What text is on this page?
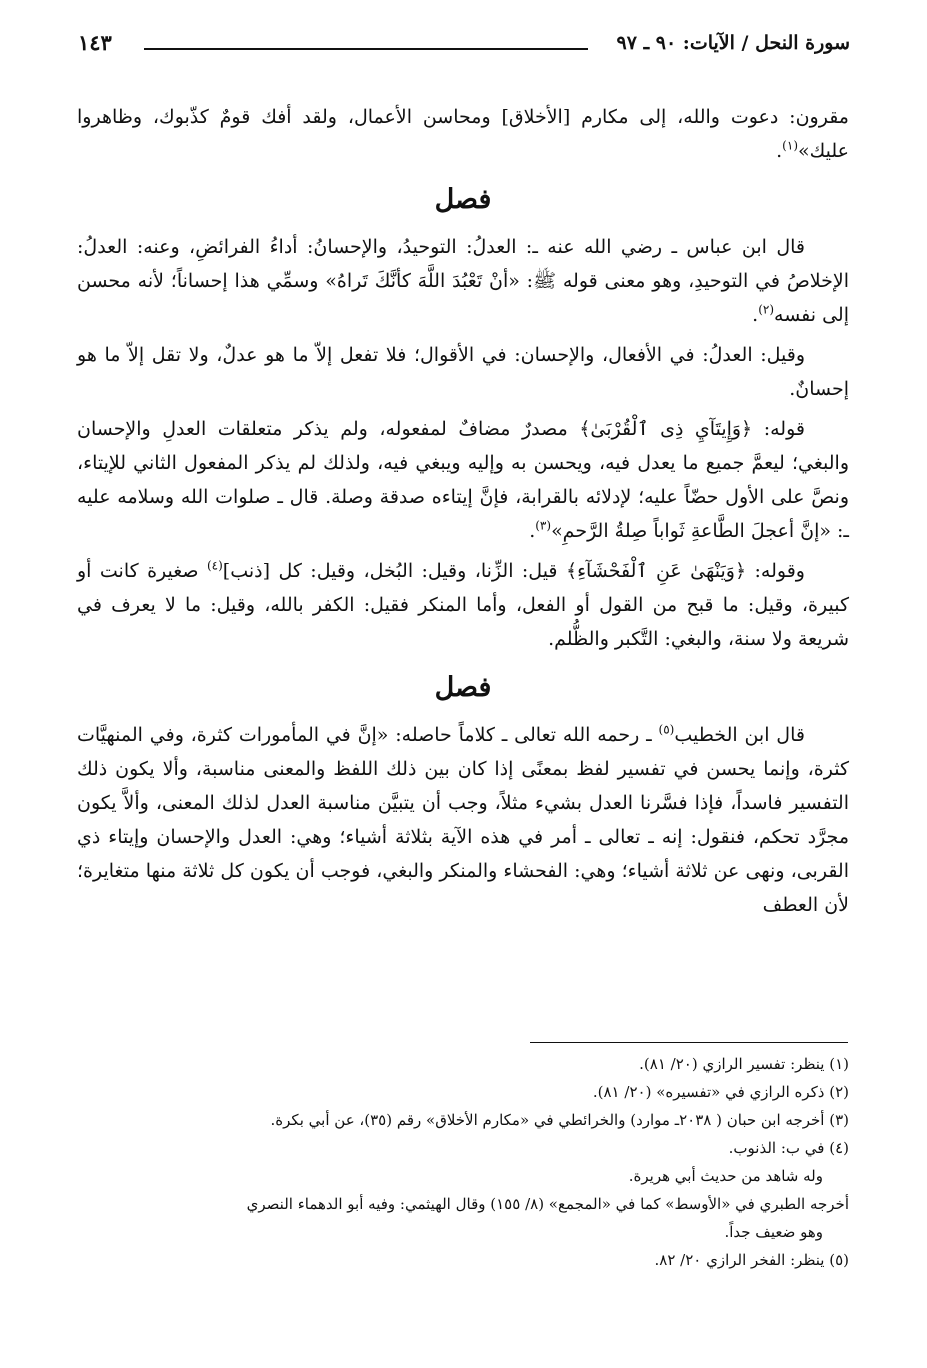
سورة النحل / الآيات: ٩٠ ـ ٩٧
١٤٣

مقرون: دعوت والله، إلى مكارم [الأخلاق] ومحاسن الأعمال، ولقد أفك قومٌ كذّبوك، وظاهروا عليك»$^{(١)}$.

فصل

قال ابن عباس ـ رضي الله عنه ـ: العدلُ: التوحيدُ، والإحسانُ: أداءُ الفرائضِ، وعنه: العدلُ: الإخلاصُ في التوحيدِ، وهو معنى قوله ﷺ: «أنْ تَعْبُدَ اللَّهَ كأنَّكَ تَراهُ» وسمِّي هذا إحساناً؛ لأنه محسن إلى نفسه$^{(٢)}$.

وقيل: العدلُ: في الأفعال، والإحسان: في الأقوال؛ فلا تفعل إلاّ ما هو عدلٌ، ولا تقل إلاّ ما هو إحسانٌ.

قوله: ﴿وَإِيتَآيِ ذِى ٱلْقُرْبَىٰ﴾ مصدرٌ مضافٌ لمفعوله، ولم يذكر متعلقات العدلِ والإحسان والبغي؛ ليعمَّ جميع ما يعدل فيه، ويحسن به وإليه ويبغي فيه، ولذلك لم يذكر المفعول الثاني للإيتاء، ونصَّ على الأول حضّاً عليه؛ لإدلائه بالقرابة، فإنَّ إيتاءه صدقة وصلة. قال ـ صلوات الله وسلامه عليه ـ: «إنَّ أعجلَ الطَّاعةِ ثَواباً صِلةُ الرَّحمِ»$^{(٣)}$.

وقوله: ﴿وَيَنْهَىٰ عَنِ ٱلْفَحْشَآءِ﴾ قيل: الزِّنا، وقيل: البُخل، وقيل: كل [ذنب]$^{(٤)}$ صغيرة كانت أو كبيرة، وقيل: ما قبح من القول أو الفعل، وأما المنكر فقيل: الكفر بالله، وقيل: ما لا يعرف في شريعة ولا سنة، والبغي: التَّكبر والظُّلم.

فصل

قال ابن الخطيب$^{(٥)}$ ـ رحمه الله تعالى ـ كلاماً حاصله: «إنَّ في المأمورات كثرة، وفي المنهيَّات كثرة، وإنما يحسن في تفسير لفظ بمعنًى إذا كان بين ذلك اللفظ والمعنى مناسبة، وألا يكون ذلك التفسير فاسداً، فإذا فسَّرنا العدل بشيء مثلاً، وجب أن يتبيَّن مناسبة العدل لذلك المعنى، وألاَّ يكون مجرَّد تحكم، فنقول: إنه ـ تعالى ـ أمر في هذه الآية بثلاثة أشياء؛ وهي: العدل والإحسان وإيتاء ذي القربى، ونهى عن ثلاثة أشياء؛ وهي: الفحشاء والمنكر والبغي، فوجب أن يكون كل ثلاثة منها متغايرة؛ لأن العطف

(١) ينظر: تفسير الرازي (٢٠/ ٨١).
(٢) ذكره الرازي في «تفسيره» (٢٠/ ٨١).
(٣) أخرجه ابن حبان ( ٢٠٣٨ـ موارد) والخرائطي في «مكارم الأخلاق» رقم (٣٥)، عن أبي بكرة.
(٤) في ب: الذنوب.
وله شاهد من حديث أبي هريرة.
أخرجه الطبري في «الأوسط» كما في «المجمع» (٨/ ١٥٥) وقال الهيثمي: وفيه أبو الدهماء النصري
وهو ضعيف جداً.
(٥) ينظر: الفخر الرازي ٢٠/ ٨٢.
